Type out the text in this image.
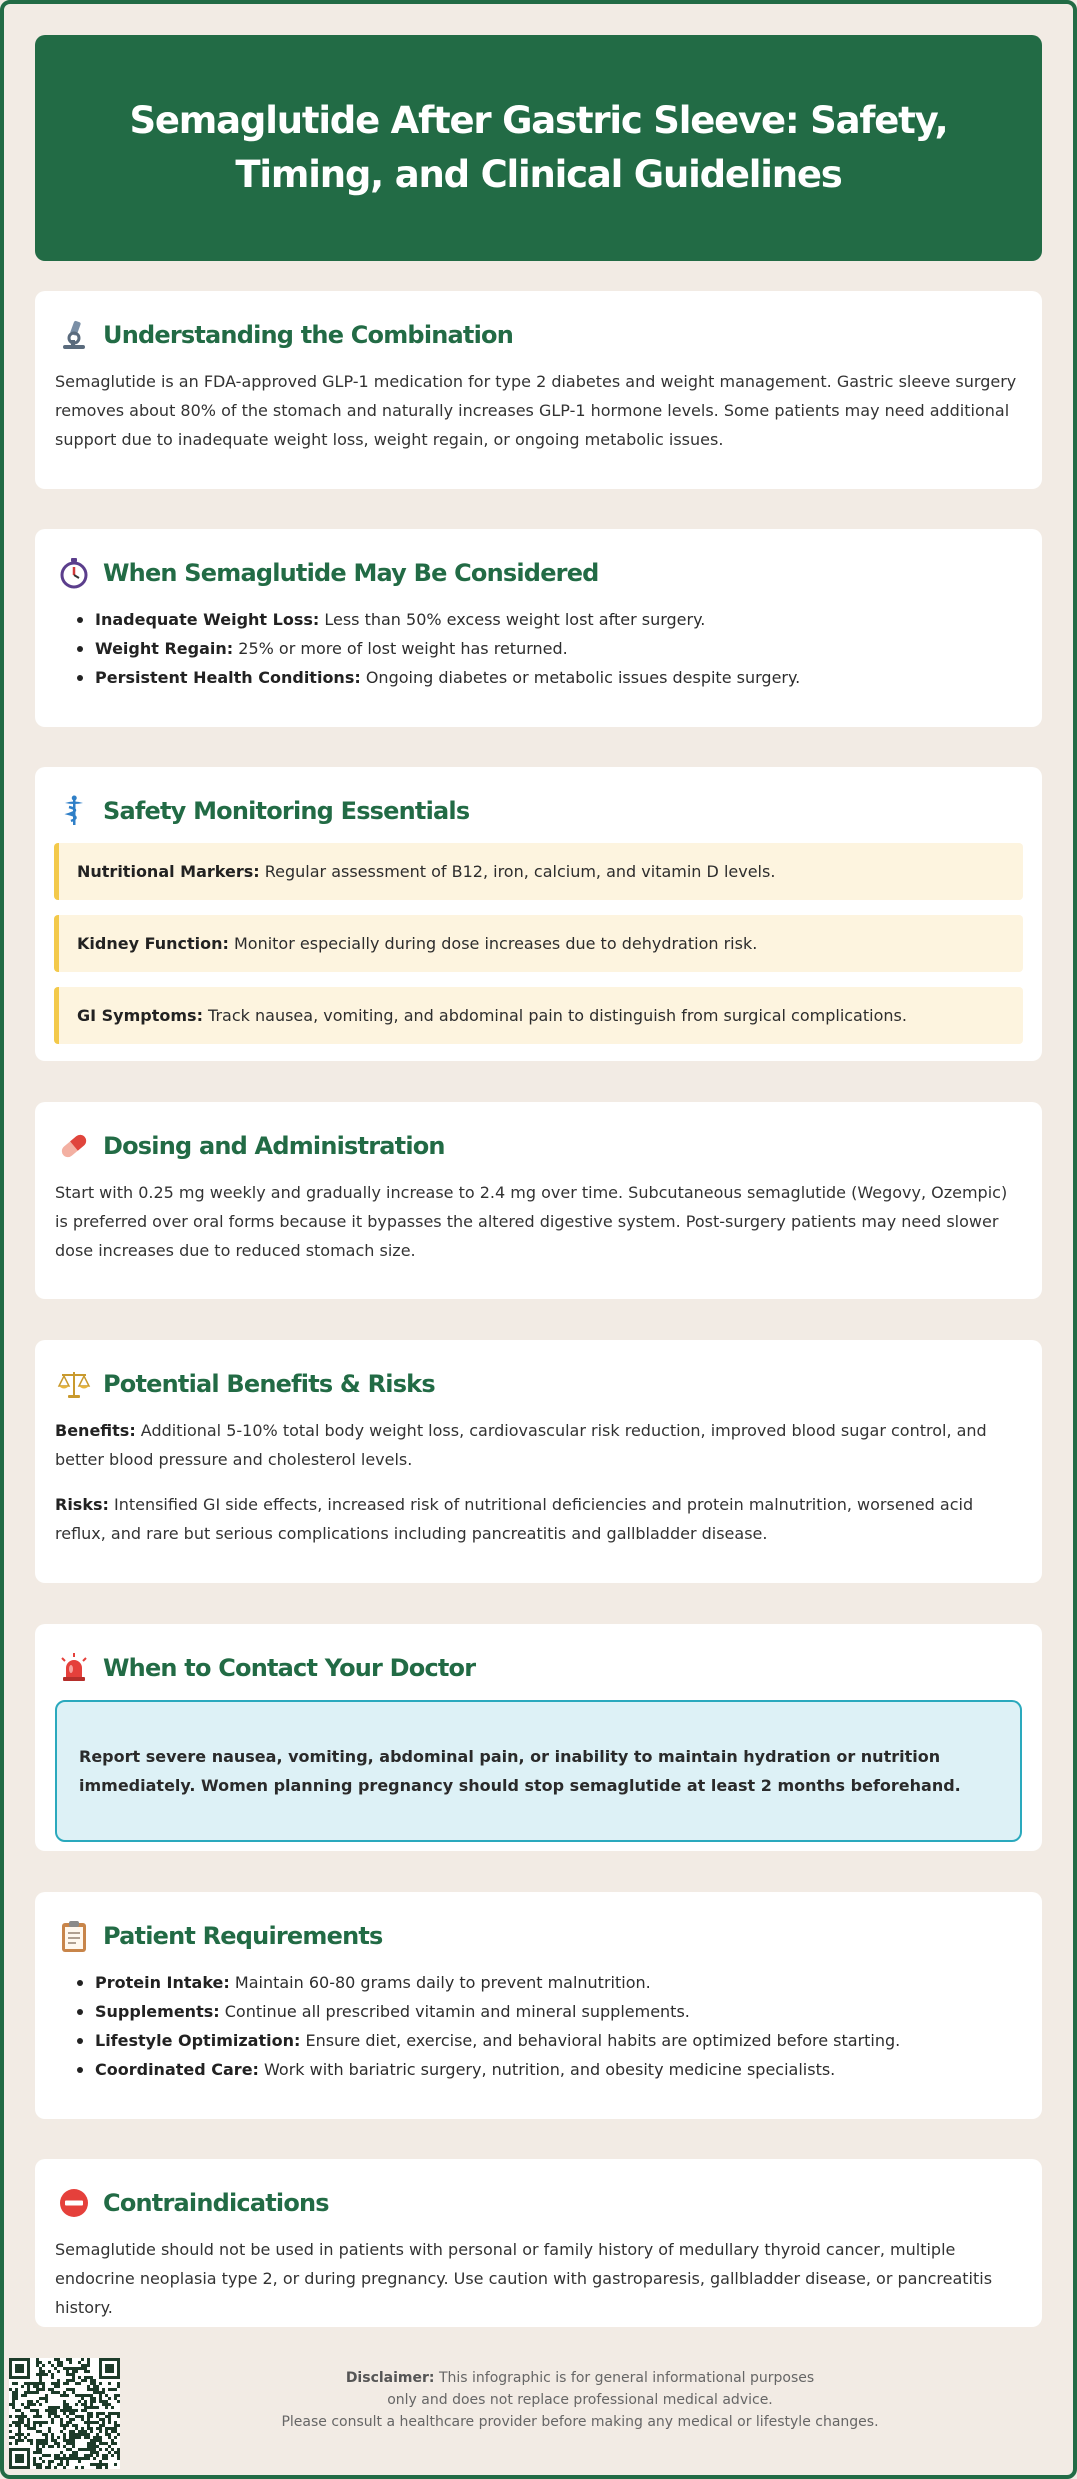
Semaglutide After Gastric Sleeve: Safety, Timing, and Clinical Guidelines
Understanding the Combination

Semaglutide is an FDA-approved GLP-1 medication for type 2 diabetes and weight management. Gastric sleeve surgery removes about 80% of the stomach and naturally increases GLP-1 hormone levels. Some patients may need additional support due to inadequate weight loss, weight regain, or ongoing metabolic issues.

When Semaglutide May Be Considered
Inadequate Weight Loss: Less than 50% excess weight lost after surgery.
Weight Regain: 25% or more of lost weight has returned.
Persistent Health Conditions: Ongoing diabetes or metabolic issues despite surgery.
Safety Monitoring Essentials
Nutritional Markers: Regular assessment of B12, iron, calcium, and vitamin D levels.
Kidney Function: Monitor especially during dose increases due to dehydration risk.
GI Symptoms: Track nausea, vomiting, and abdominal pain to distinguish from surgical complications.
Dosing and Administration

Start with 0.25 mg weekly and gradually increase to 2.4 mg over time. Subcutaneous semaglutide (Wegovy, Ozempic) is preferred over oral forms because it bypasses the altered digestive system. Post-surgery patients may need slower dose increases due to reduced stomach size.

Potential Benefits & Risks

Benefits: Additional 5-10% total body weight loss, cardiovascular risk reduction, improved blood sugar control, and better blood pressure and cholesterol levels.

Risks: Intensified GI side effects, increased risk of nutritional deficiencies and protein malnutrition, worsened acid reflux, and rare but serious complications including pancreatitis and gallbladder disease.

When to Contact Your Doctor
Report severe nausea, vomiting, abdominal pain, or inability to maintain hydration or nutrition immediately. Women planning pregnancy should stop semaglutide at least 2 months beforehand.
Patient Requirements
Protein Intake: Maintain 60-80 grams daily to prevent malnutrition.
Supplements: Continue all prescribed vitamin and mineral supplements.
Lifestyle Optimization: Ensure diet, exercise, and behavioral habits are optimized before starting.
Coordinated Care: Work with bariatric surgery, nutrition, and obesity medicine specialists.
Contraindications

Semaglutide should not be used in patients with personal or family history of medullary thyroid cancer, multiple endocrine neoplasia type 2, or during pregnancy. Use caution with gastroparesis, gallbladder disease, or pancreatitis history.

Disclaimer: This infographic is for general informational purposes
only and does not replace professional medical advice.
Please consult a healthcare provider before making any medical or lifestyle changes.
